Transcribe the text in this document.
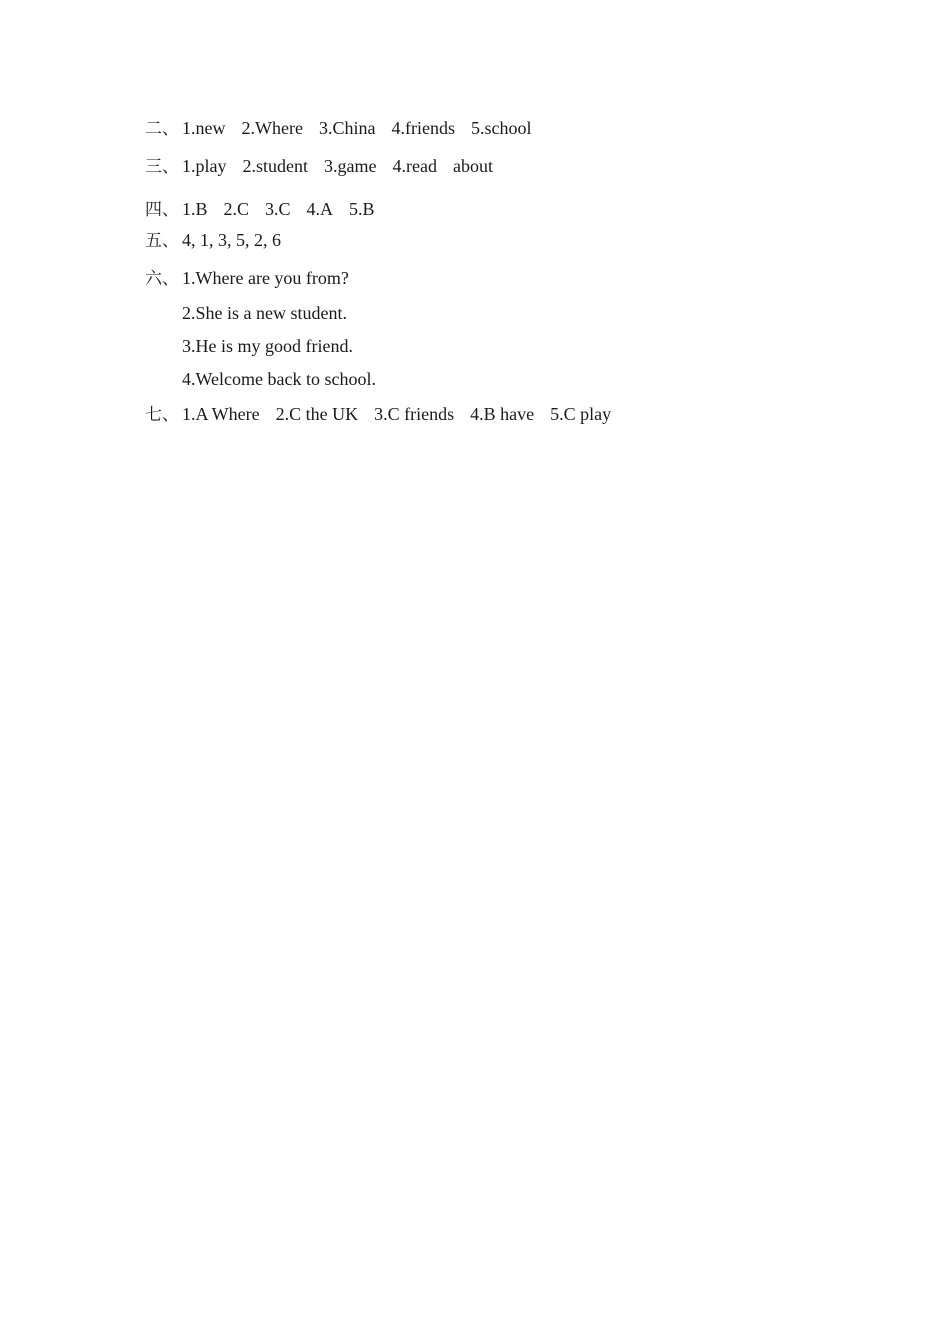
二、 1.new 2.Where 3.China 4.friends 5.school
三、 1.play 2.student 3.game 4.read about
四、 1.B 2.C 3.C 4.A 5.B
五、 4, 1, 3, 5, 2, 6
六、 1.Where are you from?
2.She is a new student.
3.He is my good friend.
4.Welcome back to school.
七、 1.A Where 2.C the UK 3.C friends 4.B have 5.C play
